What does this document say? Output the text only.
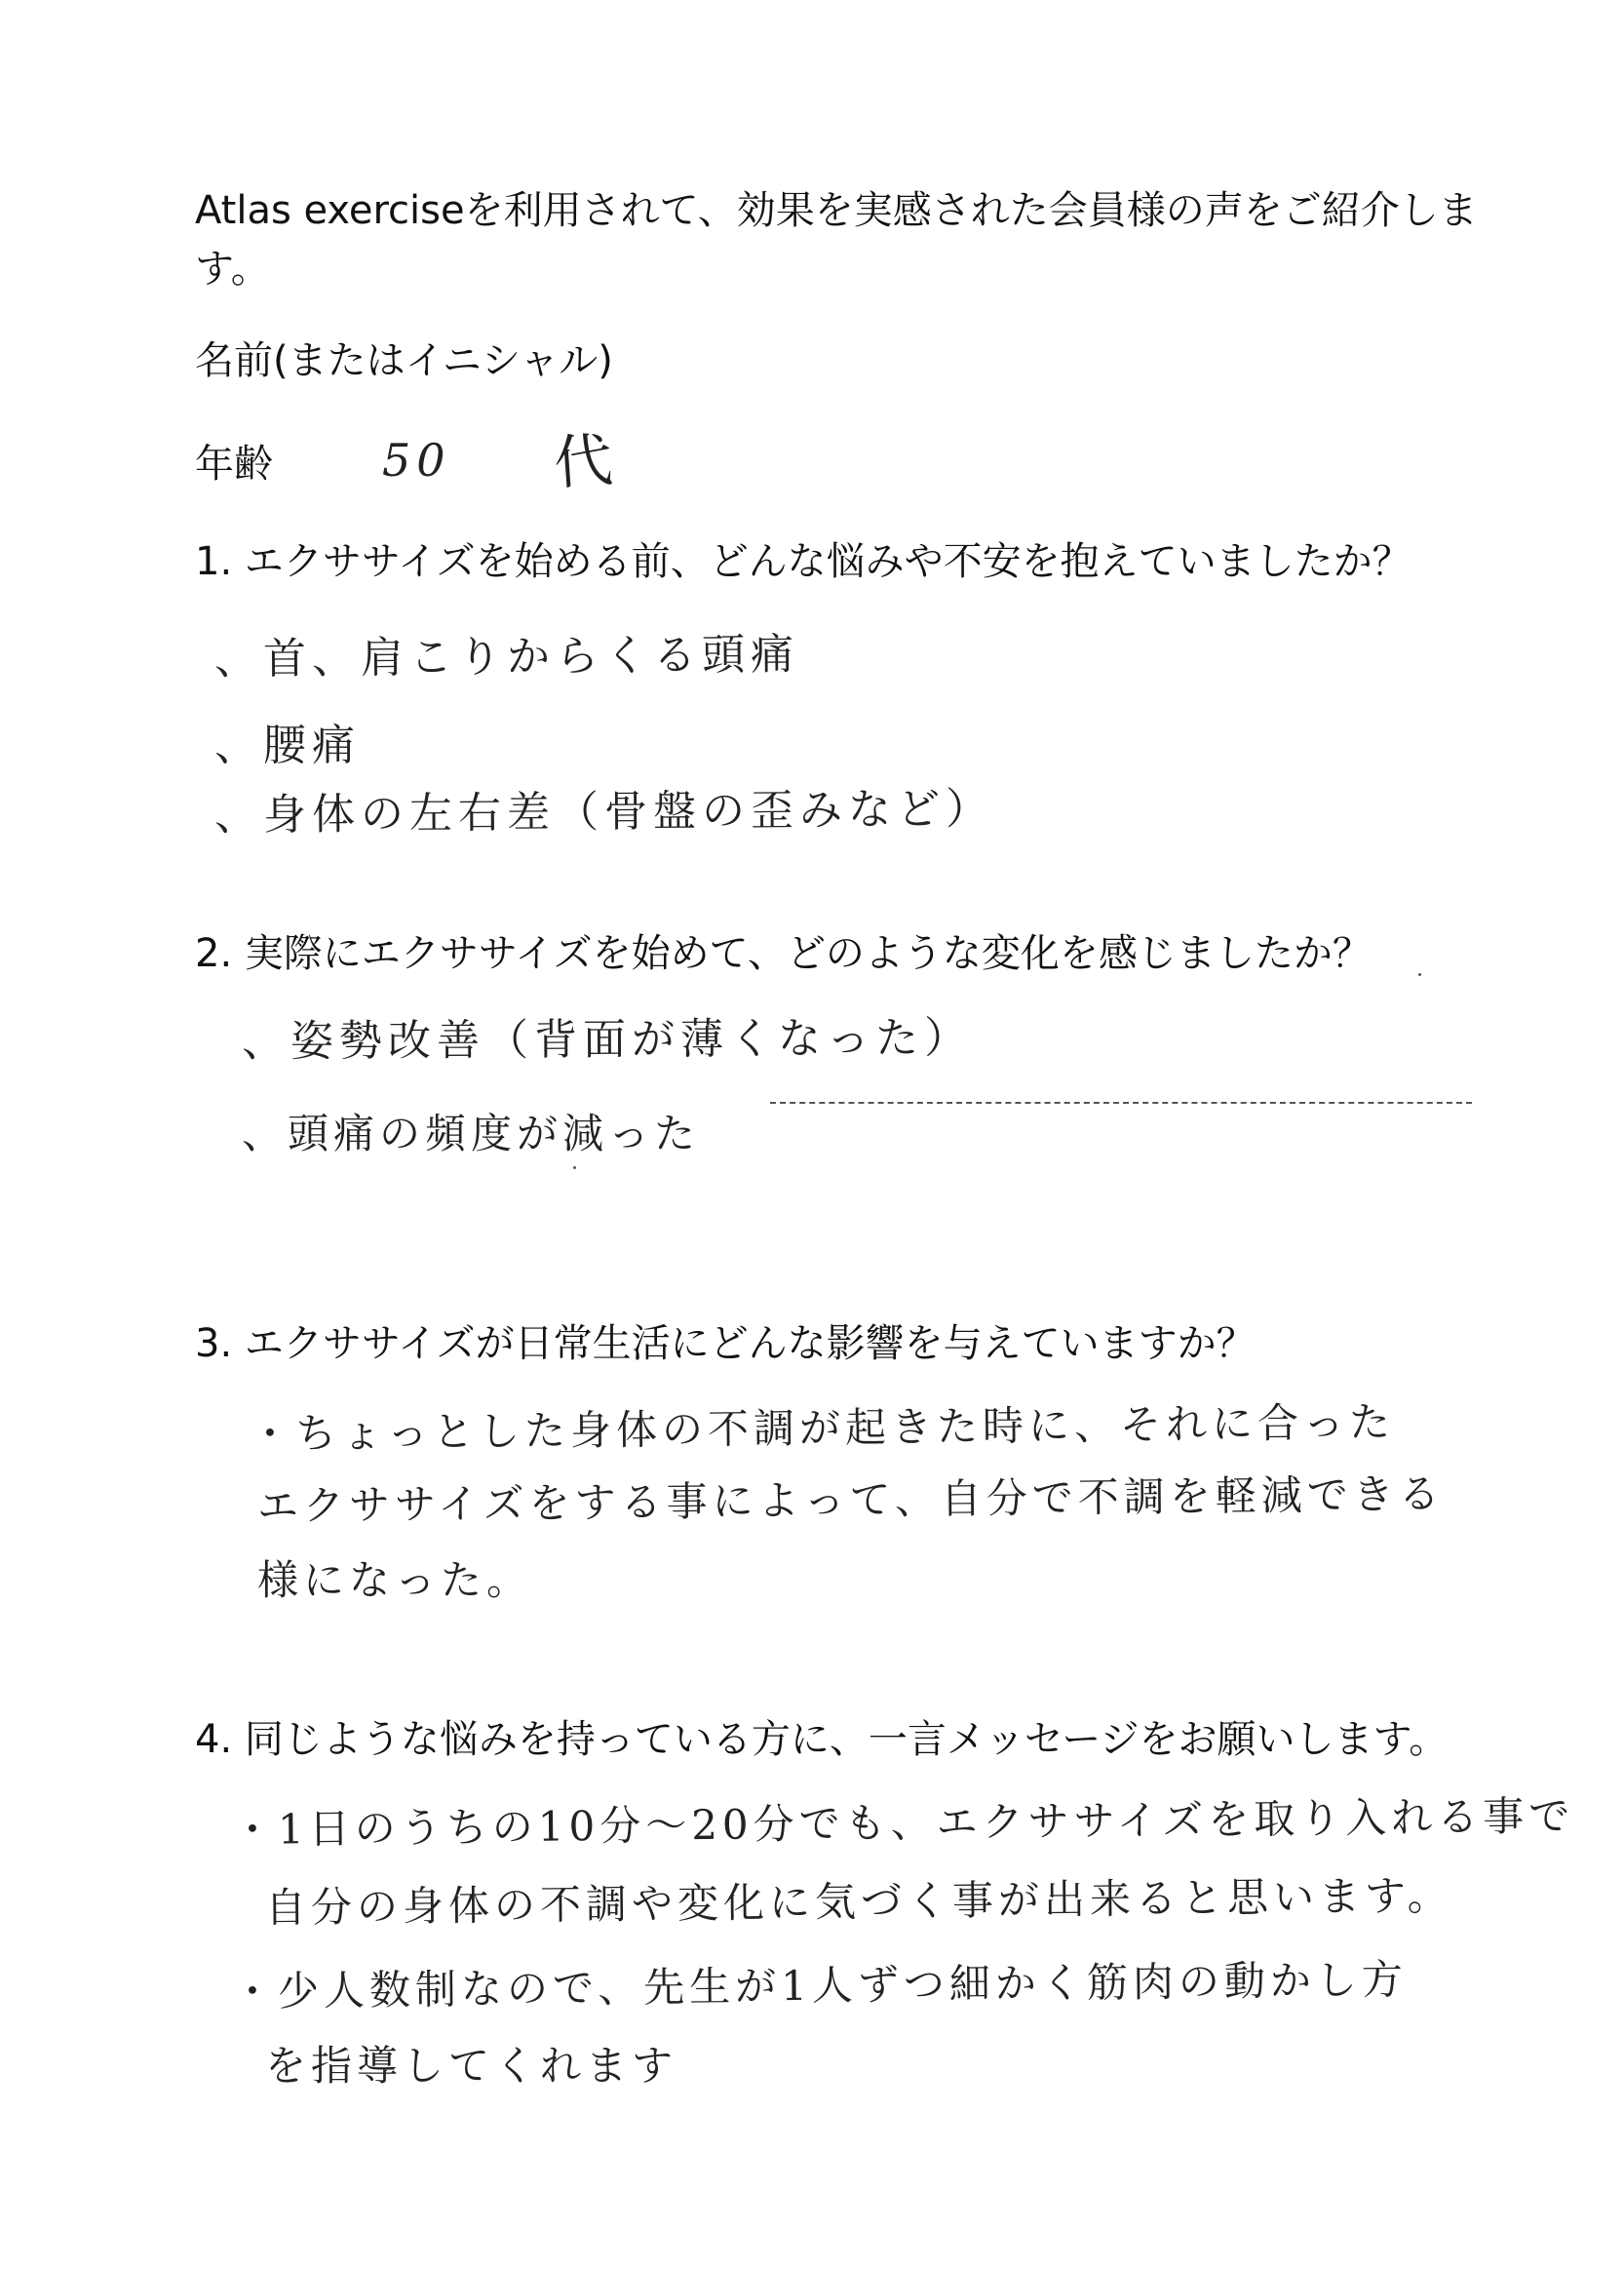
Atlas exerciseを利用されて、効果を実感された会員様の声をご紹介しま
す。
名前(またはイニシャル)
年齢 50 代
1. エクササイズを始める前、どんな悩みや不安を抱えていましたか？
、首、肩こりからくる頭痛
、腰痛
、身体の左右差（骨盤の歪みなど）
2. 実際にエクササイズを始めて、どのような変化を感じましたか？
、姿勢改善（背面が薄くなった）
、頭痛の頻度が減った
3. エクササイズが日常生活にどんな影響を与えていますか？
・ちょっとした身体の不調が起きた時に、それに合った
エクササイズをする事によって、自分で不調を軽減できる
様になった。
4. 同じような悩みを持っている方に、一言メッセージをお願いします。
・1日のうちの10分〜20分でも、エクササイズを取り入れる事で
自分の身体の不調や変化に気づく事が出来ると思います。
・少人数制なので、先生が1人ずつ細かく筋肉の動かし方
を指導してくれます
